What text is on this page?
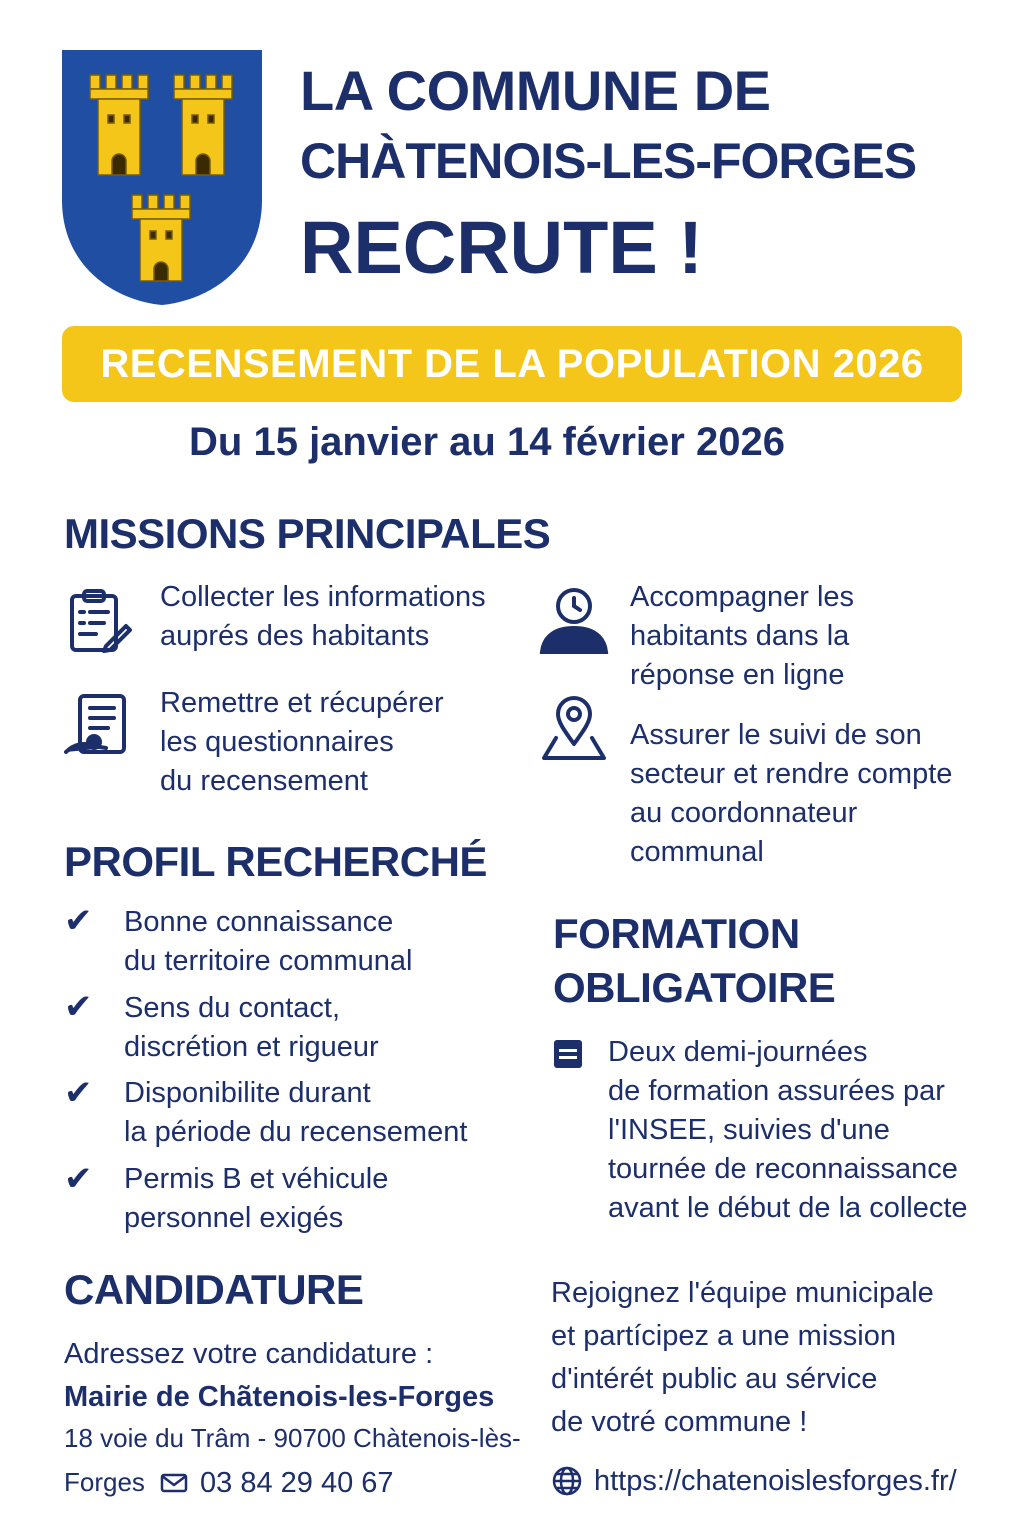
LA COMMUNE DE
CHÀTENOIS-LES-FORGES
RECRUTE !
RECENSEMENT DE LA POPULATION 2026
Du 15 janvier au 14 février 2026
MISSIONS PRINCIPALES
Collecter les informations
auprés des habitants
Remettre et récupérer
les questionnaires
du recensement
Accompagner les
habitants dans la
réponse en ligne
Assurer le suivi de son
secteur et rendre compte
au coordonnateur
communal
PROFIL RECHERCHÉ
✔ Bonne connaissance
du territoire communal
✔ Sens du contact,
discrétion et rigueur
✔ Disponibilite durant
la période du recensement
✔ Permis B et véhicule
personnel exigés
FORMATION
OBLIGATOIRE
Deux demi-journées
de formation assurées par
l'INSEE, suivies d'une
tournée de reconnaissance
avant le début de la collecte
CANDIDATURE
Adressez votre candidature :
Mairie de Chãtenois-les-Forges
18 voie du Trâm - 90700 Chàtenois-lès-
Forges 03 84 29 40 67
Rejoignez l'équipe municipale
et partícipez a une mission
d'intérét public au sérvice
de votré commune !
https://chatenoislesforges.fr/
